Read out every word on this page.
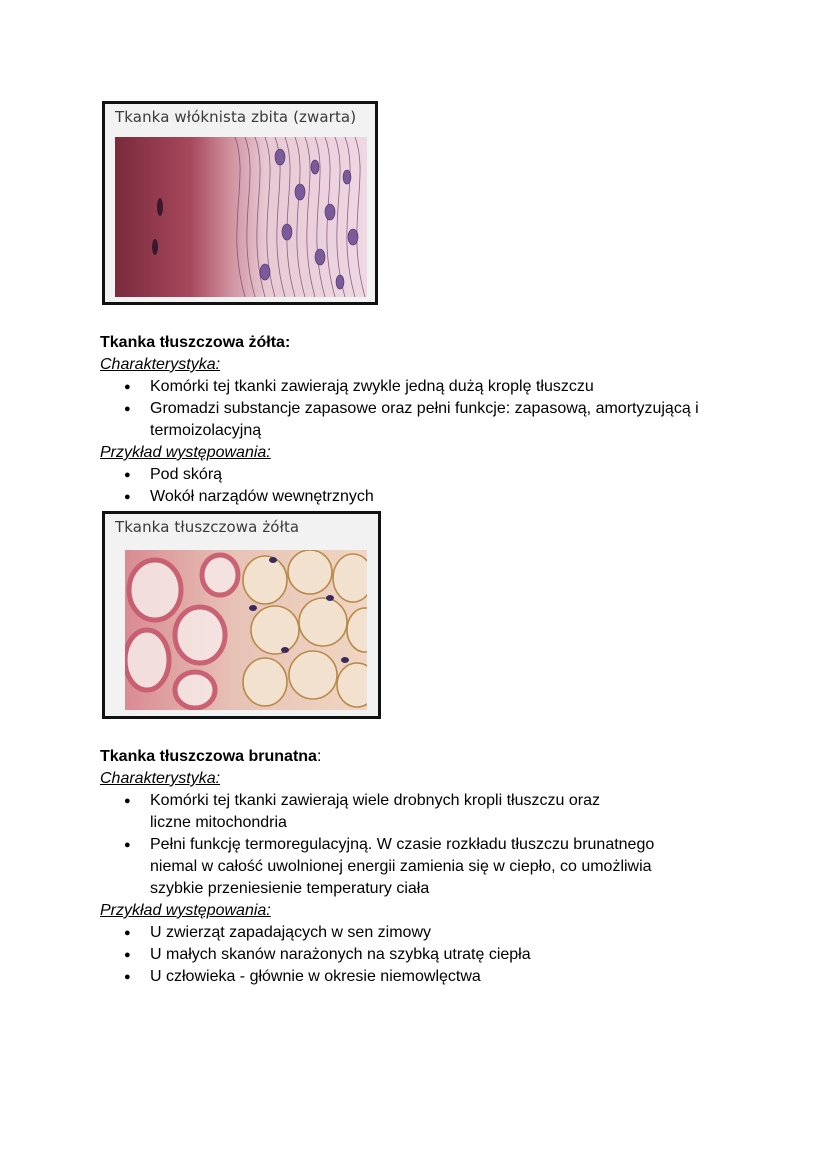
Tkanka włóknista zbita (zwarta)
Tkanka tłuszczowa żółta:
Charakterystyka:
● Komórki tej tkanki zawierają zwykle jedną dużą kroplę tłuszczu
● Gromadzi substancje zapasowe oraz pełni funkcje: zapasową, amortyzującą i termoizolacyjną
Przykład występowania:
● Pod skórą
● Wokół narządów wewnętrznych
Tkanka tłuszczowa żółta
Tkanka tłuszczowa brunatna:
Charakterystyka:
● Komórki tej tkanki zawierają wiele drobnych kropli tłuszczu oraz liczne mitochondria
● Pełni funkcję termoregulacyjną. W czasie rozkładu tłuszczu brunatnego niemal w całość uwolnionej energii zamienia się w ciepło, co umożliwia szybkie przeniesienie temperatury ciała
Przykład występowania:
● U zwierząt zapadających w sen zimowy
● U małych skanów narażonych na szybką utratę ciepła
● U człowieka - głównie w okresie niemowlęctwa
